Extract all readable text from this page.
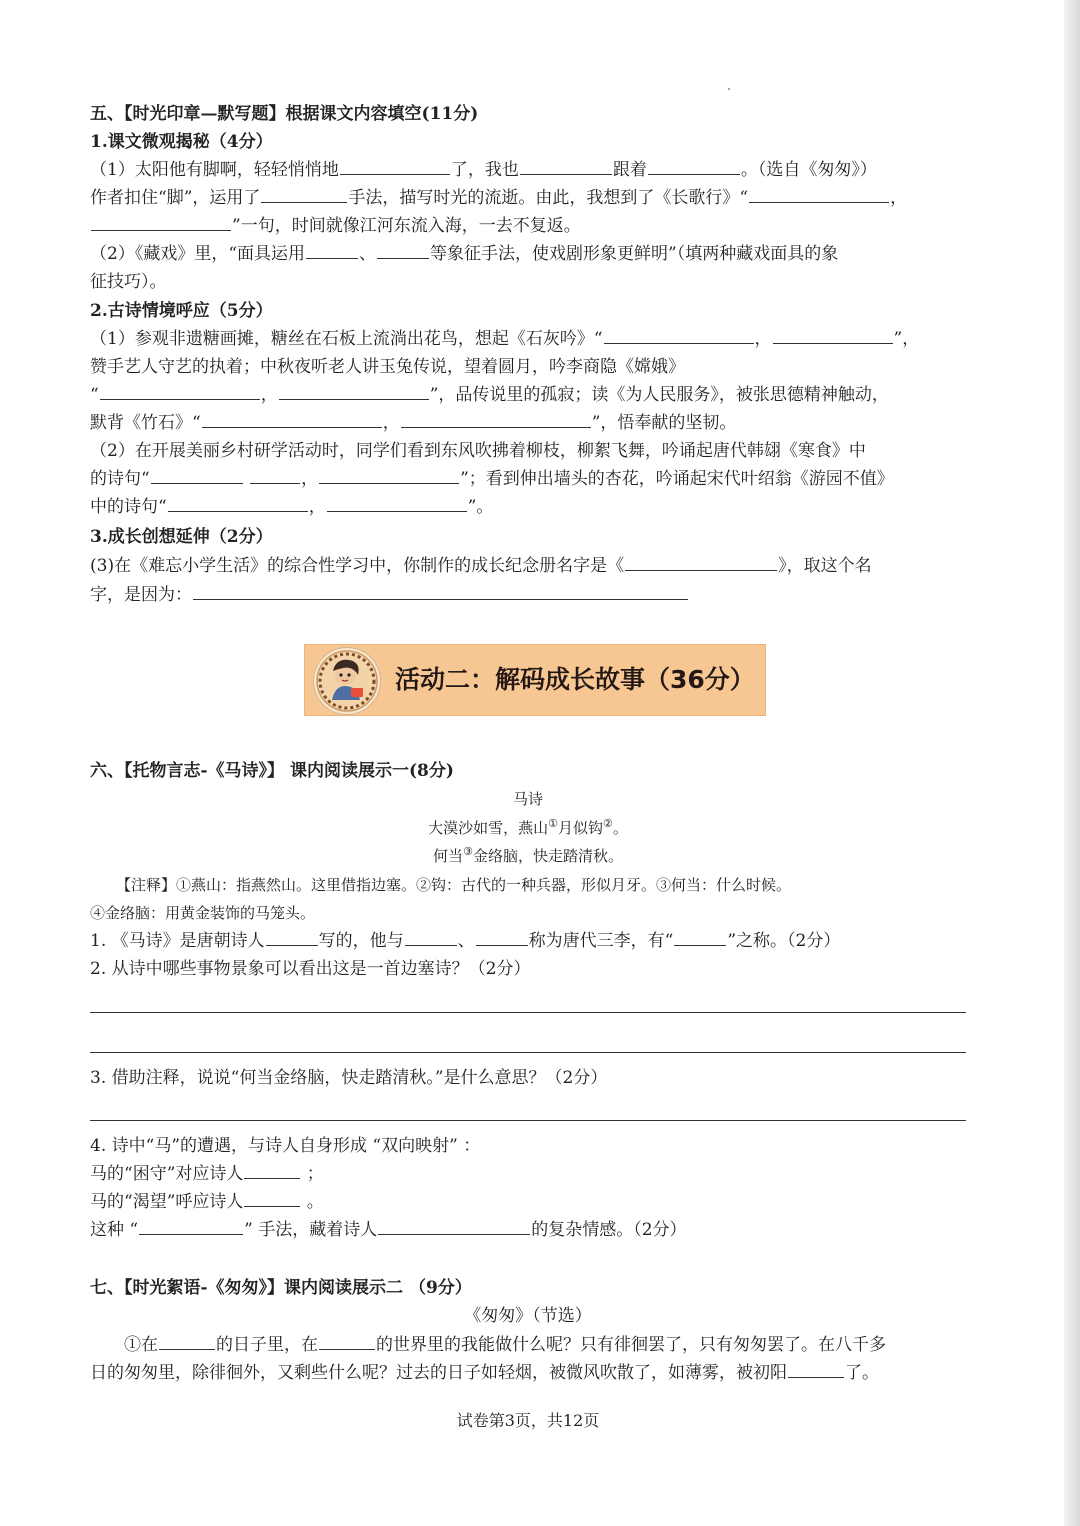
五、【时光印章—默写题】根据课文内容填空(11分)
1.课文微观揭秘（4分）
（1）太阳他有脚啊，轻轻悄悄地	了，我也	跟着	。（选自《匆匆》）
作者扣住“脚”，运用了	手法，描写时光的流逝。由此，我想到了《长歌行》“	，
”一句，时间就像江河东流入海，一去不复返。
（2）《藏戏》里，“面具运用	、	等象征手法，使戏剧形象更鲜明”（填两种藏戏面具的象
征技巧）。
2.古诗情境呼应（5分）
（1）参观非遗糖画摊，糖丝在石板上流淌出花鸟，想起《石灰吟》“	，	”，
赞手艺人守艺的执着；中秋夜听老人讲玉兔传说，望着圆月，吟李商隐《嫦娥》
“	，	”，品传说里的孤寂；读《为人民服务》，被张思德精神触动，
默背《竹石》“	，	”，悟奉献的坚韧。
（2）在开展美丽乡村研学活动时，同学们看到东风吹拂着柳枝，柳絮飞舞，吟诵起唐代韩翃《寒食》中
的诗句“	，	”；看到伸出墙头的杏花，吟诵起宋代叶绍翁《游园不值》
中的诗句“	，	”。
3.成长创想延伸（2分）
(3)在《难忘小学生活》的综合性学习中，你制作的成长纪念册名字是《	》，取这个名
字，是因为：
活动二：解码成长故事（36分）
六、【托物言志-《马诗》】 课内阅读展示一(8分)
马诗
大漠沙如雪，燕山①月似钩②。
何当③金络脑，快走踏清秋。
【注释】①燕山：指燕然山。这里借指边塞。②钩：古代的一种兵器，形似月牙。③何当：什么时候。
④金络脑：用黄金装饰的马笼头。
1. 《马诗》是唐朝诗人	写的，他与	、	称为唐代三李，有“	”之称。（2分）
2. 从诗中哪些事物景象可以看出这是一首边塞诗？（2分）
3. 借助注释，说说“何当金络脑，快走踏清秋。”是什么意思？（2分）
4. 诗中“马”的遭遇，与诗人自身形成 “双向映射” ：
马的“困守”对应诗人	；
马的“渴望”呼应诗人	。
这种 “	” 手法，藏着诗人	的复杂情感。（2分）
七、【时光絮语-《匆匆》】课内阅读展示二 （9分）
《匆匆》（节选）
①在	的日子里，在	的世界里的我能做什么呢？只有徘徊罢了，只有匆匆罢了。在八千多
日的匆匆里，除徘徊外，又剩些什么呢？过去的日子如轻烟，被微风吹散了，如薄雾，被初阳	了。
试卷第3页，共12页
